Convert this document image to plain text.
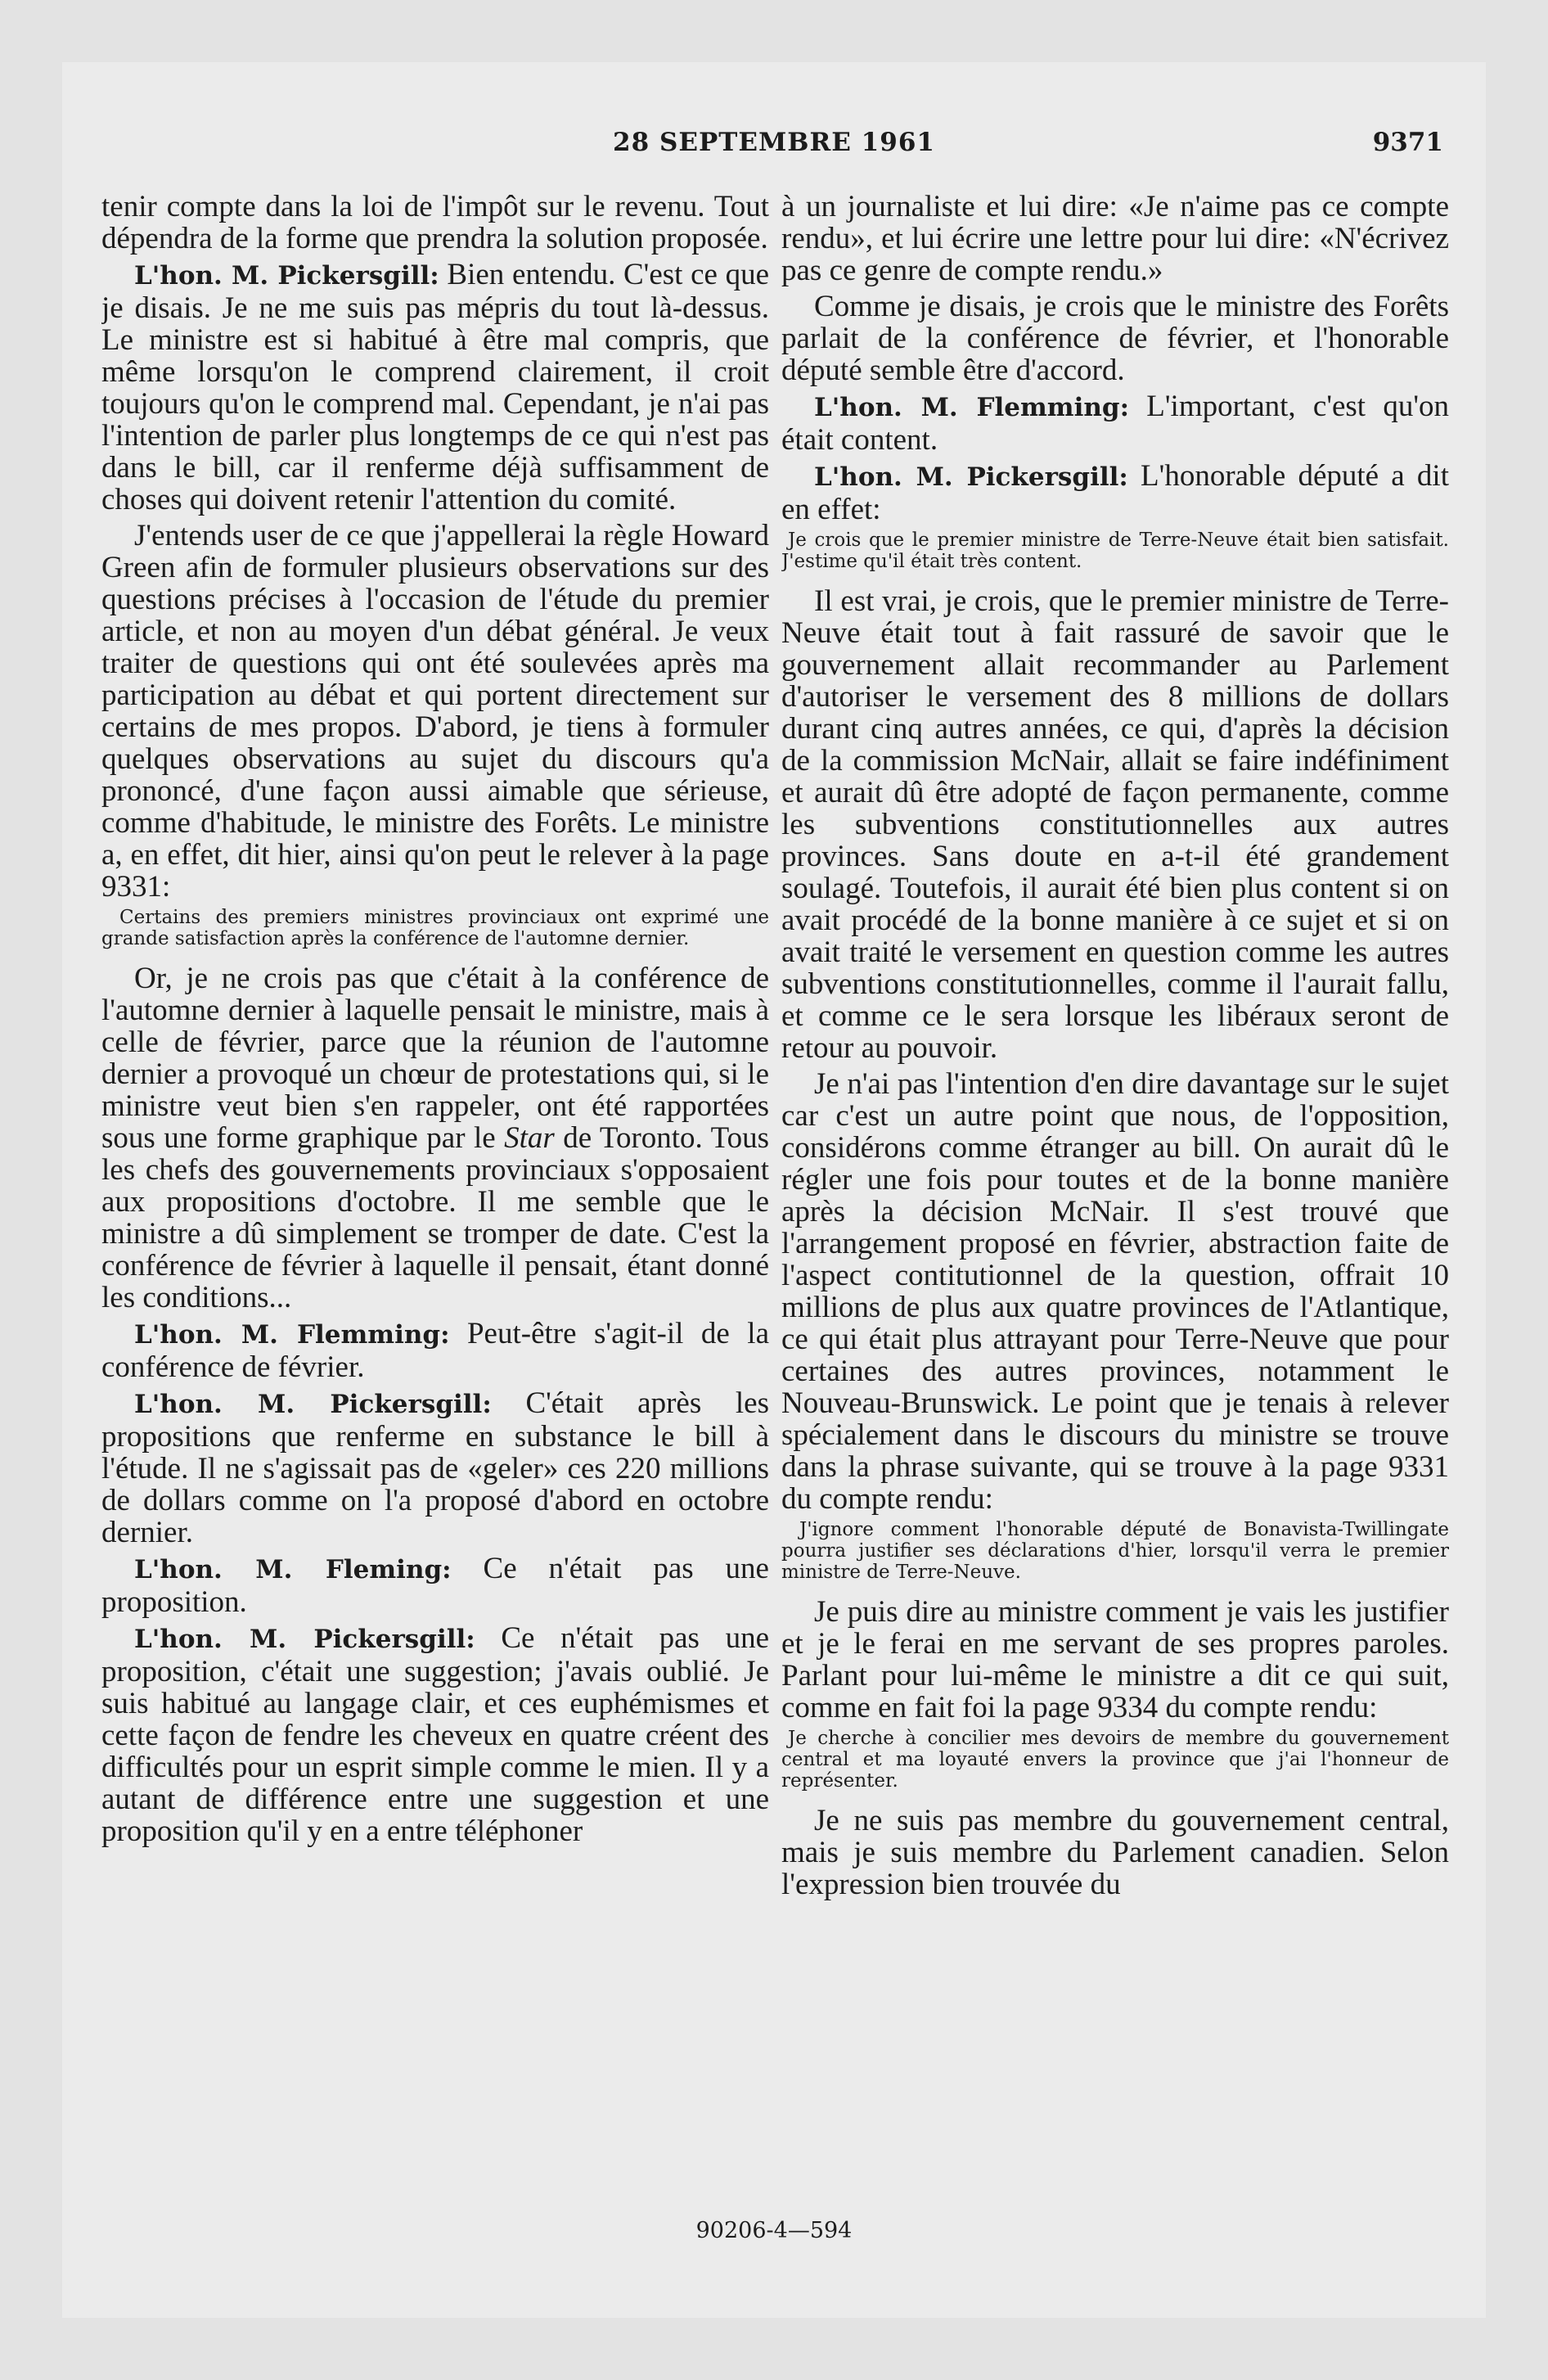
28 SEPTEMBRE 1961	9371

tenir compte dans la loi de l'impôt sur le revenu. Tout dépendra de la forme que prendra la solution proposée.

L'hon. M. Pickersgill: Bien entendu. C'est ce que je disais. Je ne me suis pas mépris du tout là-dessus. Le ministre est si habitué à être mal compris, que même lorsqu'on le comprend clairement, il croit toujours qu'on le comprend mal. Cependant, je n'ai pas l'intention de parler plus longtemps de ce qui n'est pas dans le bill, car il renferme déjà suffisamment de choses qui doivent retenir l'attention du comité.

J'entends user de ce que j'appellerai la règle Howard Green afin de formuler plusieurs observations sur des questions précises à l'occasion de l'étude du premier article, et non au moyen d'un débat général. Je veux traiter de questions qui ont été soulevées après ma participation au débat et qui portent directement sur certains de mes propos. D'abord, je tiens à formuler quelques observations au sujet du discours qu'a prononcé, d'une façon aussi aimable que sérieuse, comme d'habitude, le ministre des Forêts. Le ministre a, en effet, dit hier, ainsi qu'on peut le relever à la page 9331:

Certains des premiers ministres provinciaux ont exprimé une grande satisfaction après la conférence de l'automne dernier.

Or, je ne crois pas que c'était à la conférence de l'automne dernier à laquelle pensait le ministre, mais à celle de février, parce que la réunion de l'automne dernier a provoqué un chœur de protestations qui, si le ministre veut bien s'en rappeler, ont été rapportées sous une forme graphique par le Star de Toronto. Tous les chefs des gouvernements provinciaux s'opposaient aux propositions d'octobre. Il me semble que le ministre a dû simplement se tromper de date. C'est la conférence de février à laquelle il pensait, étant donné les conditions...

L'hon. M. Flemming: Peut-être s'agit-il de la conférence de février.

L'hon. M. Pickersgill: C'était après les propositions que renferme en substance le bill à l'étude. Il ne s'agissait pas de «geler» ces 220 millions de dollars comme on l'a proposé d'abord en octobre dernier.

L'hon. M. Fleming: Ce n'était pas une proposition.

L'hon. M. Pickersgill: Ce n'était pas une proposition, c'était une suggestion; j'avais oublié. Je suis habitué au langage clair, et ces euphémismes et cette façon de fendre les cheveux en quatre créent des difficultés pour un esprit simple comme le mien. Il y a autant de différence entre une suggestion et une proposition qu'il y en a entre téléphoner

à un journaliste et lui dire: «Je n'aime pas ce compte rendu», et lui écrire une lettre pour lui dire: «N'écrivez pas ce genre de compte rendu.»

Comme je disais, je crois que le ministre des Forêts parlait de la conférence de février, et l'honorable député semble être d'accord.

L'hon. M. Flemming: L'important, c'est qu'on était content.

L'hon. M. Pickersgill: L'honorable député a dit en effet:

Je crois que le premier ministre de Terre-Neuve était bien satisfait. J'estime qu'il était très content.

Il est vrai, je crois, que le premier ministre de Terre-Neuve était tout à fait rassuré de savoir que le gouvernement allait recommander au Parlement d'autoriser le versement des 8 millions de dollars durant cinq autres années, ce qui, d'après la décision de la commission McNair, allait se faire indéfiniment et aurait dû être adopté de façon permanente, comme les subventions constitutionnelles aux autres provinces. Sans doute en a-t-il été grandement soulagé. Toutefois, il aurait été bien plus content si on avait procédé de la bonne manière à ce sujet et si on avait traité le versement en question comme les autres subventions constitutionnelles, comme il l'aurait fallu, et comme ce le sera lorsque les libéraux seront de retour au pouvoir.

Je n'ai pas l'intention d'en dire davantage sur le sujet car c'est un autre point que nous, de l'opposition, considérons comme étranger au bill. On aurait dû le régler une fois pour toutes et de la bonne manière après la décision McNair. Il s'est trouvé que l'arrangement proposé en février, abstraction faite de l'aspect contitutionnel de la question, offrait 10 millions de plus aux quatre provinces de l'Atlantique, ce qui était plus attrayant pour Terre-Neuve que pour certaines des autres provinces, notamment le Nouveau-Brunswick. Le point que je tenais à relever spécialement dans le discours du ministre se trouve dans la phrase suivante, qui se trouve à la page 9331 du compte rendu:

J'ignore comment l'honorable député de Bonavista-Twillingate pourra justifier ses déclarations d'hier, lorsqu'il verra le premier ministre de Terre-Neuve.

Je puis dire au ministre comment je vais les justifier et je le ferai en me servant de ses propres paroles. Parlant pour lui-même le ministre a dit ce qui suit, comme en fait foi la page 9334 du compte rendu:

Je cherche à concilier mes devoirs de membre du gouvernement central et ma loyauté envers la province que j'ai l'honneur de représenter.

Je ne suis pas membre du gouvernement central, mais je suis membre du Parlement canadien. Selon l'expression bien trouvée du

90206-4—594
